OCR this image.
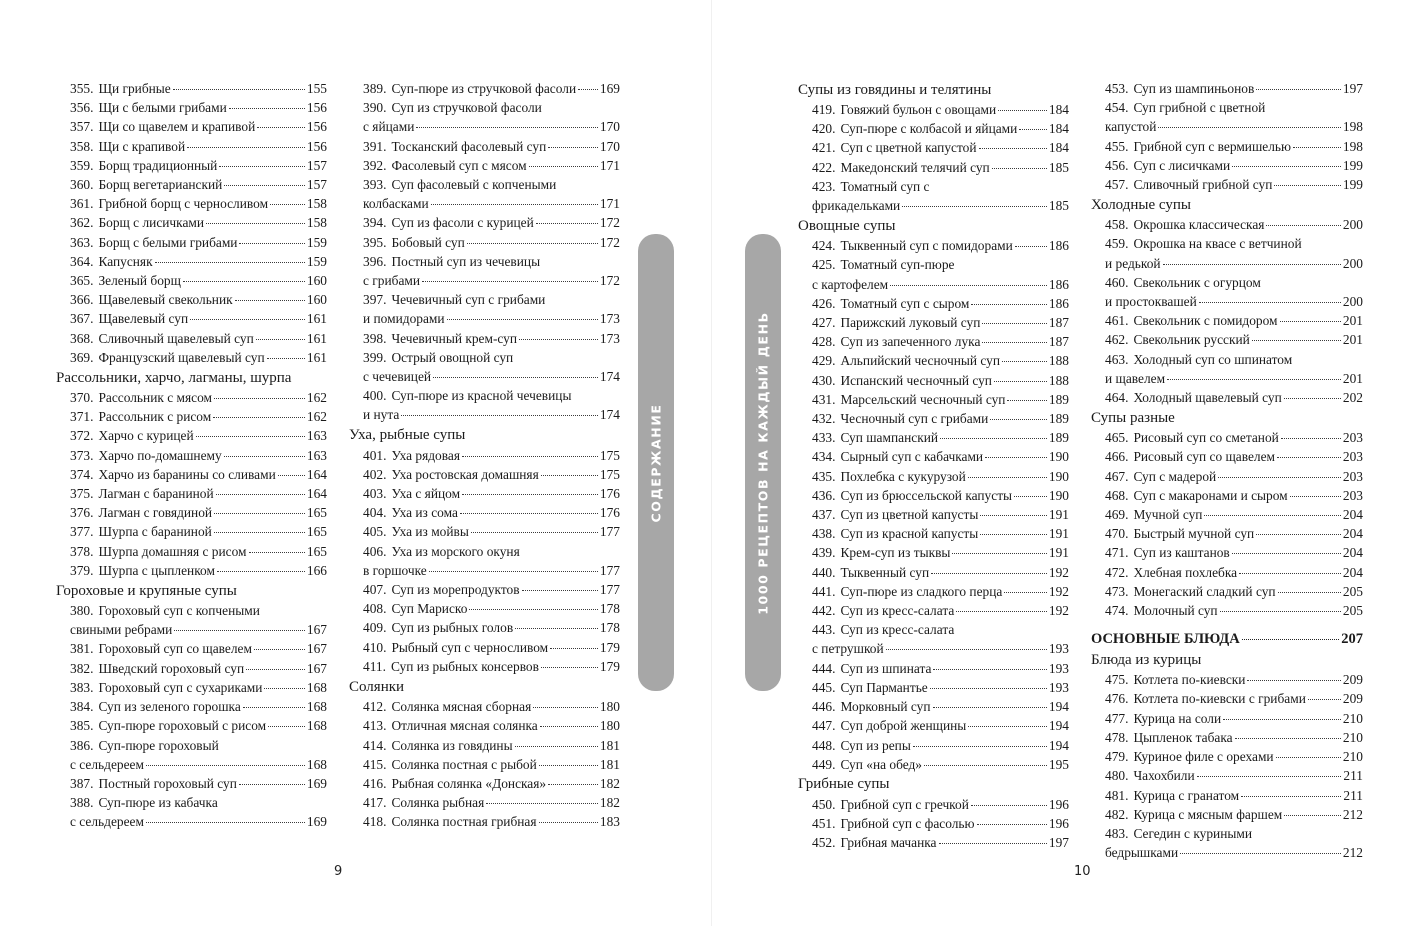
355. Щи грибные	155
356. Щи с белыми грибами	156
357. Щи со щавелем и крапивой	156
358. Щи с крапивой	156
359. Борщ традиционный	157
360. Борщ вегетарианский	157
361. Грибной борщ с черносливом	158
362. Борщ с лисичками	158
363. Борщ с белыми грибами	159
364. Капусняк	159
365. Зеленый борщ	160
366. Щавелевый свекольник	160
367. Щавелевый суп	161
368. Сливочный щавелевый суп	161
369. Французский щавелевый суп	161
Рассольники, харчо, лагманы, шурпа
370. Рассольник с мясом	162
371. Рассольник с рисом	162
372. Харчо с курицей	163
373. Харчо по-домашнему	163
374. Харчо из баранины со сливами 164
375. Лагман с бараниной	164
376. Лагман с говядиной	165
377. Шурпа с бараниной	165
378. Шурпа домашняя с рисом	165
379. Шурпа с цыпленком	166
Гороховые и крупяные супы
380. Гороховый суп с копчеными
свиными ребрами	167
381. Гороховый суп со щавелем	167
382. Шведский гороховый суп	167
383. Гороховый суп с сухариками	168
384. Суп из зеленого горошка	168
385. Суп-пюре гороховый с рисом	168
386. Суп-пюре гороховый
с сельдереем	168
387. Постный гороховый суп	169
388. Суп-пюре из кабачка
с сельдереем	169
389. Суп-пюре из стручковой фасоли 169
390. Суп из стручковой фасоли
с яйцами	170
391. Тосканский фасолевый суп	170
392. Фасолевый суп с мясом	171
393. Суп фасолевый с копчеными
колбасками	171
394. Суп из фасоли с курицей	172
395. Бобовый суп	172
396. Постный суп из чечевицы
с грибами	172
397. Чечевичный суп с грибами
и помидорами	173
398. Чечевичный крем-суп	173
399. Острый овощной суп
с чечевицей	174
400. Суп-пюре из красной чечевицы
и нута	174
Уха, рыбные супы
401. Уха рядовая	175
402. Уха ростовская домашняя	175
403. Уха с яйцом	176
404. Уха из сома	176
405. Уха из мойвы	177
406. Уха из морского окуня
в горшочке	177
407. Суп из морепродуктов	177
408. Суп Мариско	178
409. Суп из рыбных голов	178
410. Рыбный суп с черносливом	179
411. Суп из рыбных консервов	179
Солянки
412. Солянка мясная сборная	180
413. Отличная мясная солянка	180
414. Солянка из говядины	181
415. Солянка постная с рыбой	181
416. Рыбная солянка «Донская»	182
417. Солянка рыбная	182
418. Солянка постная грибная	183
СОДЕРЖАНИЕ
9
1000 РЕЦЕПТОВ НА КАЖДЫЙ ДЕНЬ
Супы из говядины и телятины
419. Говяжий бульон с овощами	184
420. Суп-пюре с колбасой и яйцами 184
421. Суп с цветной капустой	184
422. Македонский телячий суп	185
423. Томатный суп с
фрикадельками	185
Овощные супы
424. Тыквенный суп с помидорами	186
425. Томатный суп-пюре
с картофелем	186
426. Томатный суп с сыром	186
427. Парижский луковый суп	187
428. Суп из запеченного лука	187
429. Альпийский чесночный суп	188
430. Испанский чесночный суп	188
431. Марсельский чесночный суп	189
432. Чесночный суп с грибами	189
433. Суп шампанский	189
434. Сырный суп с кабачками	190
435. Похлебка с кукурузой	190
436. Суп из брюссельской капусты	190
437. Суп из цветной капусты	191
438. Суп из красной капусты	191
439. Крем-суп из тыквы	191
440. Тыквенный суп	192
441. Суп-пюре из сладкого перца	192
442. Суп из кресс-салата	192
443. Суп из кресс-салата
с петрушкой	193
444. Суп из шпината	193
445. Суп Пармантье	193
446. Морковный суп	194
447. Суп доброй женщины	194
448. Суп из репы	194
449. Суп «на обед»	195
Грибные супы
450. Грибной суп с гречкой	196
451. Грибной суп с фасолью	196
452. Грибная мачанка	197
453. Суп из шампиньонов	197
454. Суп грибной с цветной
капустой	198
455. Грибной суп с вермишелью	198
456. Суп с лисичками	199
457. Сливочный грибной суп	199
Холодные супы
458. Окрошка классическая	200
459. Окрошка на квасе с ветчиной
и редькой	200
460. Свекольник с огурцом
и простоквашей	200
461. Свекольник с помидором	201
462. Свекольник русский	201
463. Холодный суп со шпинатом
и щавелем	201
464. Холодный щавелевый суп	202
Супы разные
465. Рисовый суп со сметаной	203
466. Рисовый суп со щавелем	203
467. Суп с мадерой	203
468. Суп с макаронами и сыром	203
469. Мучной суп	204
470. Быстрый мучной суп	204
471. Суп из каштанов	204
472. Хлебная похлебка	204
473. Монегаский сладкий суп	205
474. Молочный суп	205
ОСНОВНЫЕ БЛЮДА	207
Блюда из курицы
475. Котлета по-киевски	209
476. Котлета по-киевски с грибами	209
477. Курица на соли	210
478. Цыпленок табака	210
479. Куриное филе с орехами	210
480. Чахохбили	211
481. Курица с гранатом	211
482. Курица с мясным фаршем	212
483. Сегедин с куриными
бедрышками	212
10
